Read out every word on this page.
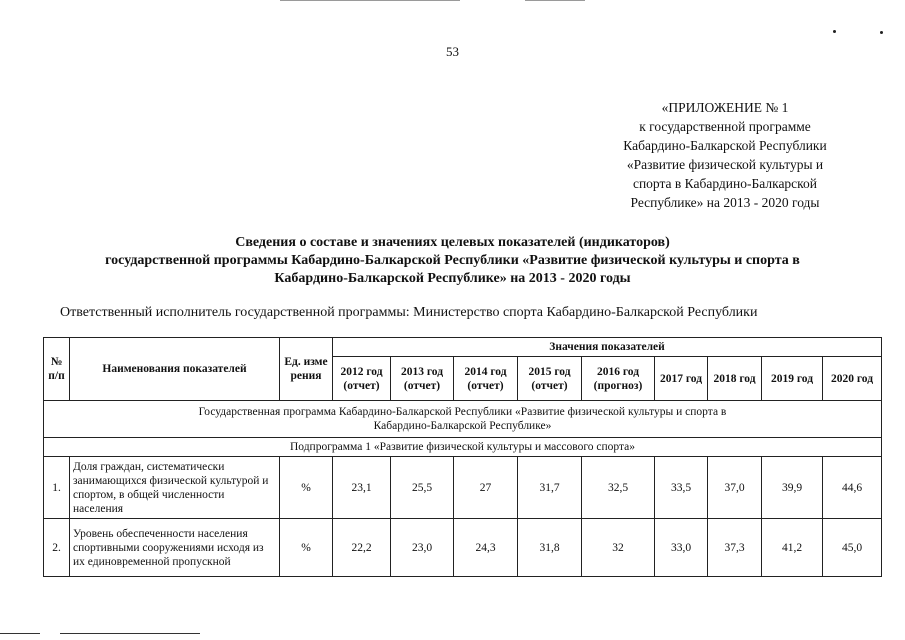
53
«ПРИЛОЖЕНИЕ № 1
к государственной программе
Кабардино-Балкарской Республики
«Развитие физической культуры и
спорта в Кабардино-Балкарской
Республике» на 2013 - 2020 годы
Сведения о составе и значениях целевых показателей (индикаторов)
государственной программы Кабардино-Балкарской Республики «Развитие физической культуры и спорта в
Кабардино-Балкарской Республике» на 2013 - 2020 годы
Ответственный исполнитель государственной программы: Министерство спорта Кабардино-Балкарской Республики
№ п/п	Наименования показателей	Ед. изме рения	Значения показателей								
			2012 год (отчет)	2013 год (отчет)	2014 год (отчет)	2015 год (отчет)	2016 год (прогноз)	2017 год	2018 год	2019 год	2020 год
Государственная программа Кабардино-Балкарской Республики «Развитие физической культуры и спорта в Кабардино-Балкарской Республике»											
Подпрограмма 1 «Развитие физической культуры и массового спорта»											
1.	Доля граждан, систематически занимающихся физической культурой и спортом, в общей численности населения	%	23,1	25,5	27	31,7	32,5	33,5	37,0	39,9	44,6
2.	Уровень обеспеченности населения спортивными сооружениями исходя из их единовременной пропускной	%	22,2	23,0	24,3	31,8	32	33,0	37,3	41,2	45,0
